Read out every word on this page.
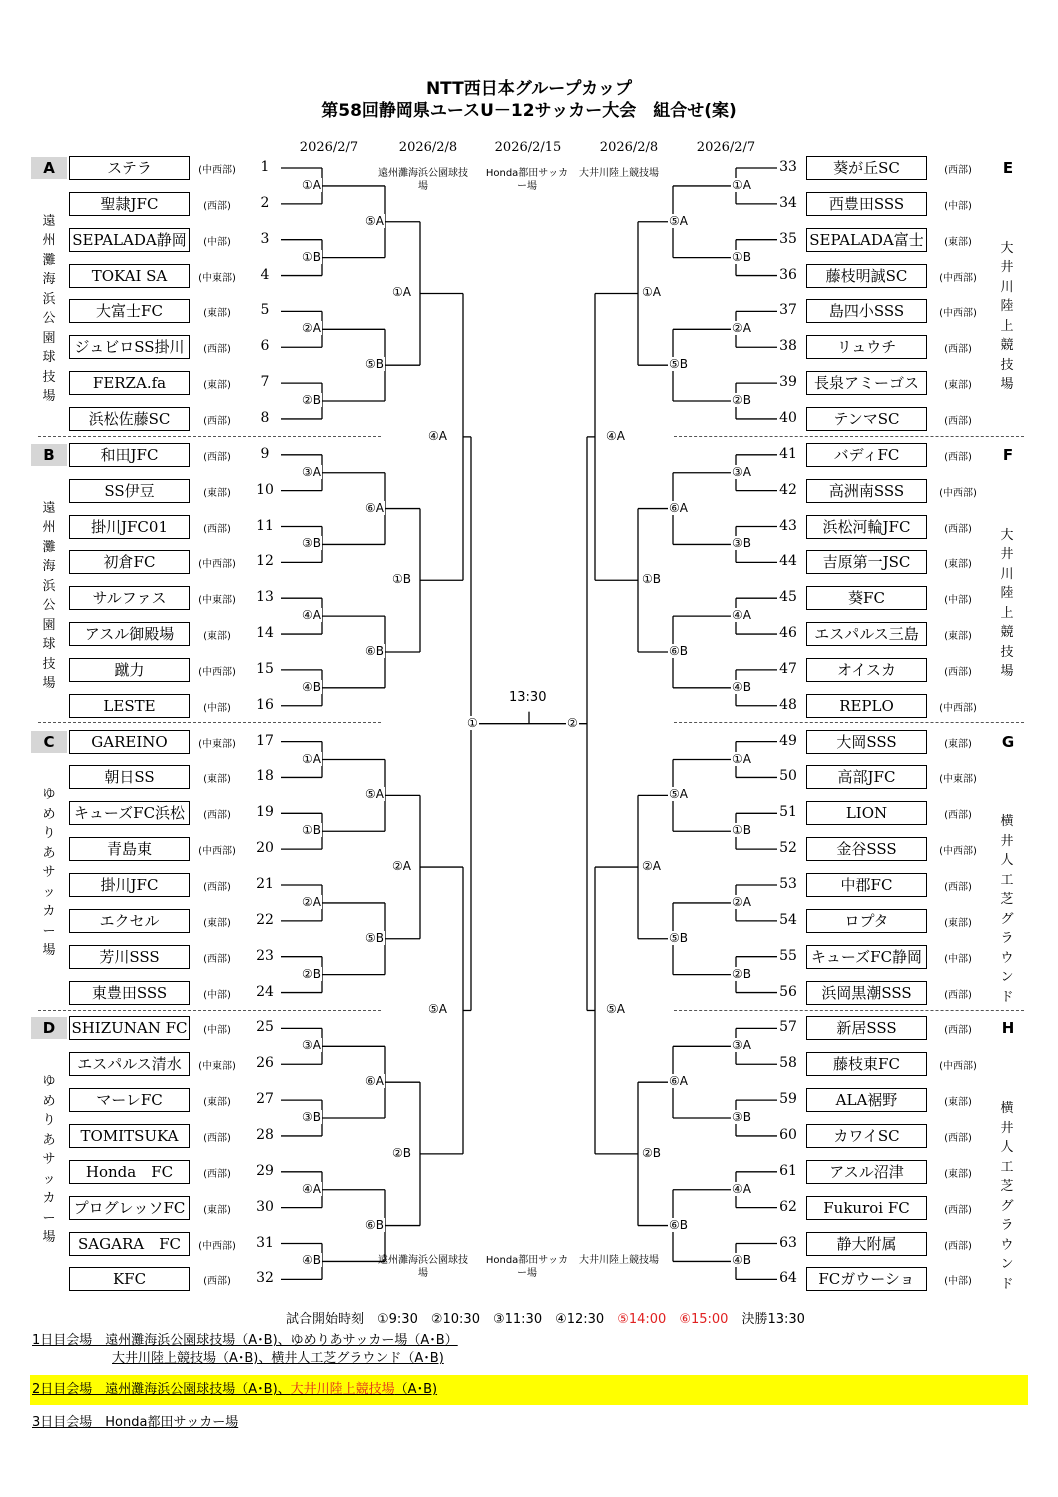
NTT西日本グループカップ
第58回静岡県ユースU－12サッカー大会　組合せ(案)
2026/2/7	2026/2/8	2026/2/15	2026/2/8	2026/2/7
遠州灘海浜公園球技場
Honda都田サッカー場
大井川陸上競技場
遠州灘海浜公園球技場
Honda都田サッカー場
大井川陸上競技場
ステラ	(中西部)	1
聖隷JFC	(西部)	2
SEPALADA静岡	(中部)	3
TOKAI SA	(中東部)	4
大富士FC	(東部)	5
ジュビロSS掛川	(西部)	6
FERZA.fa	(東部)	7
浜松佐藤SC	(西部)	8
和田JFC	(西部)	9
SS伊豆	(東部)	10
掛川JFC01	(西部)	11
初倉FC	(中西部)	12
サルファス	(中東部)	13
アスル御殿場	(東部)	14
蹴力	(中西部)	15
LESTE	(中部)	16
GAREINO	(中東部)	17
朝日SS	(東部)	18
キューズFC浜松	(西部)	19
青島東	(中西部)	20
掛川JFC	(西部)	21
エクセル	(東部)	22
芳川SSS	(西部)	23
東豊田SSS	(中部)	24
SHIZUNAN FC	(中部)	25
エスパルス清水	(中東部)	26
マーレFC	(東部)	27
TOMITSUKA	(西部)	28
Honda　FC	(西部)	29
プログレッソFC	(東部)	30
SAGARA　FC	(中西部)	31
KFC	(西部)	32
33	葵が丘SC	(西部)
34	西豊田SSS	(中部)
35 SEPALADA富士	(東部)
36	藤枝明誠SC	(中西部)
37	島四小SSS	(中西部)
38	リュウチ	(西部)
39	長泉アミーゴス	(東部)
40	テンマSC	(西部)
41	バディFC	(西部)
42	高洲南SSS	(中西部)
43	浜松河輪JFC	(西部)
44	吉原第一JSC	(東部)
45	葵FC	(中部)
46	エスパルス三島	(東部)
47	オイスカ	(西部)
48	REPLO	(中西部)
49	大岡SSS	(東部)
50	高部JFC	(中東部)
51	LION	(西部)
52	金谷SSS	(中西部)
53	中郡FC	(西部)
54	ロプタ	(東部)
55 キューズFC静岡	(中部)
56	浜岡黒潮SSS	(西部)
57	新居SSS	(西部)
58	藤枝東FC	(中西部)
59	ALA裾野	(東部)
60	カワイSC	(西部)
61	アスル沼津	(東部)
62	Fukuroi FC	(西部)
63	静大附属	(西部)
64	FCガウーショ	(中部)
A
遠州灘海浜公園球技場
B
遠州灘海浜公園球技場
C
ゆめりあサッカー場
D
ゆめりあサッカー場
E
大井川陸上競技場
F
大井川陸上競技場
G
横井人工芝グラウンド
H
横井人工芝グラウンド
①A
①B
②A
②B
③A
③B
④A
④B
①A
①B
②A
②B
③A
③B
④A
④B
⑤A
⑤B
⑥A
⑥B
⑤A
⑤B
⑥A
⑥B
①A
①B
②A
②B
④A
⑤A
①
①A
①B
②A
②B
③A
③B
④A
④B
①A
①B
②A
②B
③A
③B
④A
④B
⑤A
⑤B
⑥A
⑥B
⑤A
⑤B
⑥A
⑥B
①A
①B
②A
②B
④A
⑤A
②
13:30
試合開始時刻　①9:30　②10:30　③11:30　④12:30　⑤14:00　⑥15:00　決勝13:30
1日目会場　遠州灘海浜公園球技場（A･B)、ゆめりあサッカー場（A･B）
大井川陸上競技場（A･B)、横井人工芝グラウンド（A･B)
2日目会場　遠州灘海浜公園球技場（A･B)、大井川陸上競技場（A･B)
3日目会場　Honda都田サッカー場
